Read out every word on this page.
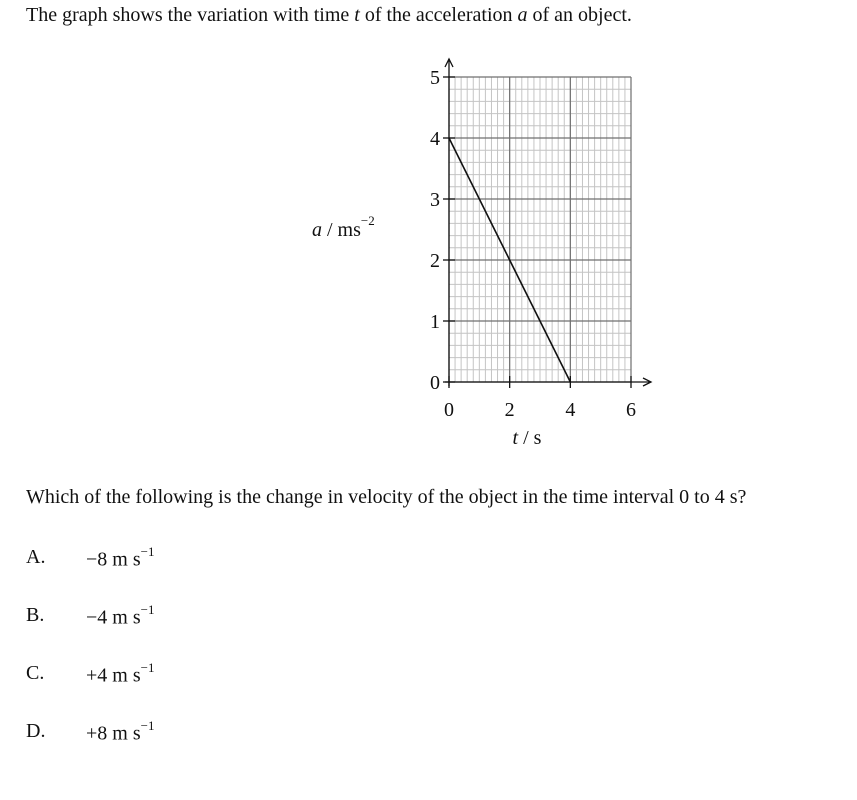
The graph shows the variation with time t of the acceleration a of an object.
0
1
2
3
4
5
0	2	4	6
a / $ms^{-2}$
t / s
Which of the following is the change in velocity of the object in the time interval 0 to 4 s?
A. −8 m $s^{-1}$
B. −4 m $s^{-1}$
C. +4 m $s^{-1}$
D. +8 m $s^{-1}$
